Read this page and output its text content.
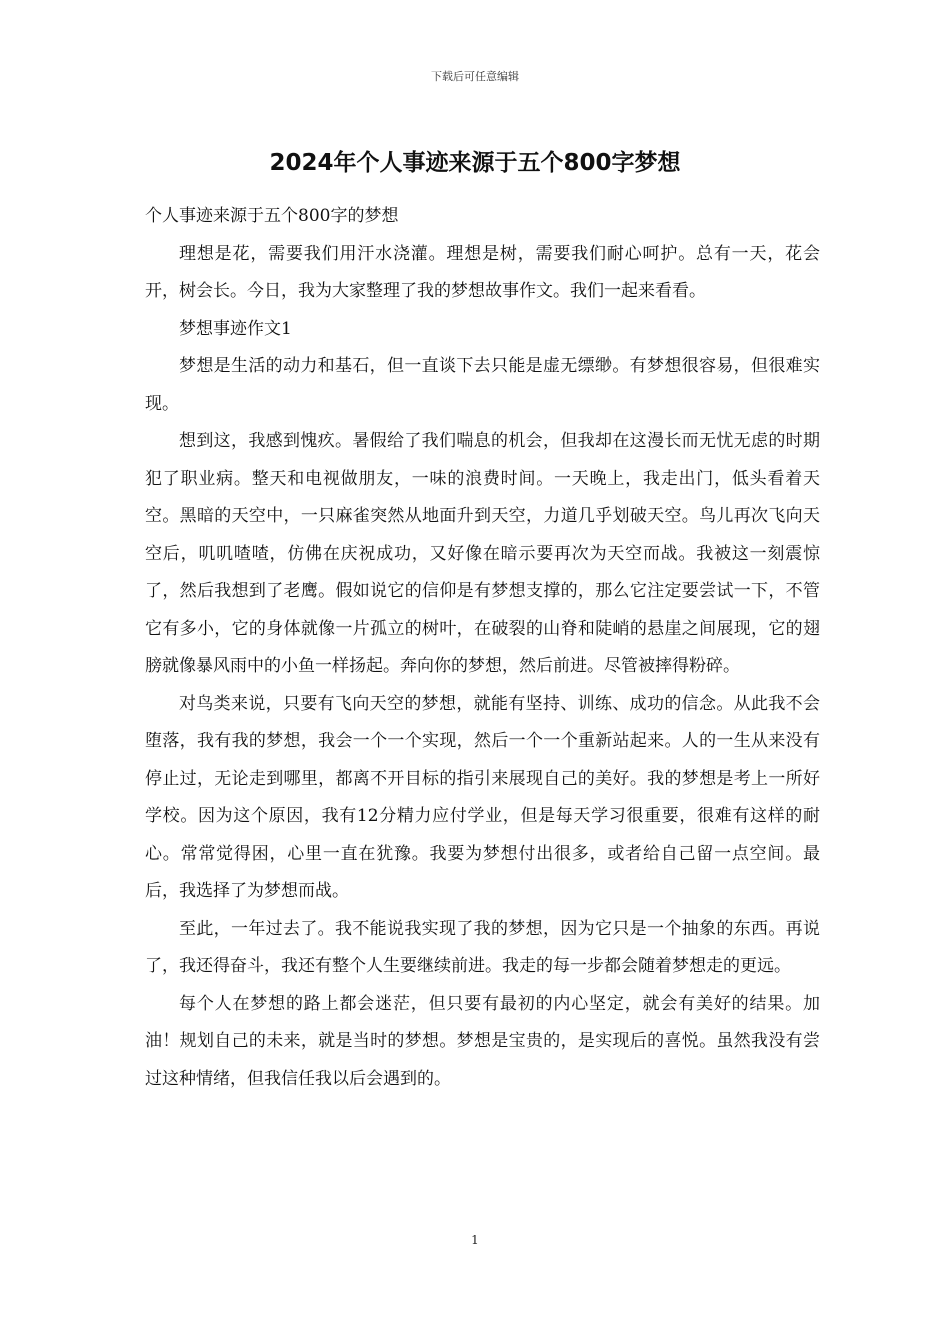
下载后可任意编辑
2024年个人事迹来源于五个800字梦想

个人事迹来源于五个800字的梦想

理想是花，需要我们用汗水浇灌。理想是树，需要我们耐心呵护。总有一天，花会开，树会长。今日，我为大家整理了我的梦想故事作文。我们一起来看看。

梦想事迹作文1

梦想是生活的动力和基石，但一直谈下去只能是虚无缥缈。有梦想很容易，但很难实现。

想到这，我感到愧疚。暑假给了我们喘息的机会，但我却在这漫长而无忧无虑的时期犯了职业病。整天和电视做朋友，一味的浪费时间。一天晚上，我走出门，低头看着天空。黑暗的天空中，一只麻雀突然从地面升到天空，力道几乎划破天空。鸟儿再次飞向天空后，叽叽喳喳，仿佛在庆祝成功，又好像在暗示要再次为天空而战。我被这一刻震惊了，然后我想到了老鹰。假如说它的信仰是有梦想支撑的，那么它注定要尝试一下，不管它有多小，它的身体就像一片孤立的树叶，在破裂的山脊和陡峭的悬崖之间展现，它的翅膀就像暴风雨中的小鱼一样扬起。奔向你的梦想，然后前进。尽管被摔得粉碎。

对鸟类来说，只要有飞向天空的梦想，就能有坚持、训练、成功的信念。从此我不会堕落，我有我的梦想，我会一个一个实现，然后一个一个重新站起来。人的一生从来没有停止过，无论走到哪里，都离不开目标的指引来展现自己的美好。我的梦想是考上一所好学校。因为这个原因，我有12分精力应付学业，但是每天学习很重要，很难有这样的耐心。常常觉得困，心里一直在犹豫。我要为梦想付出很多，或者给自己留一点空间。最后，我选择了为梦想而战。

至此，一年过去了。我不能说我实现了我的梦想，因为它只是一个抽象的东西。再说了，我还得奋斗，我还有整个人生要继续前进。我走的每一步都会随着梦想走的更远。

每个人在梦想的路上都会迷茫，但只要有最初的内心坚定，就会有美好的结果。加油！规划自己的未来，就是当时的梦想。梦想是宝贵的，是实现后的喜悦。虽然我没有尝过这种情绪，但我信任我以后会遇到的。

1
